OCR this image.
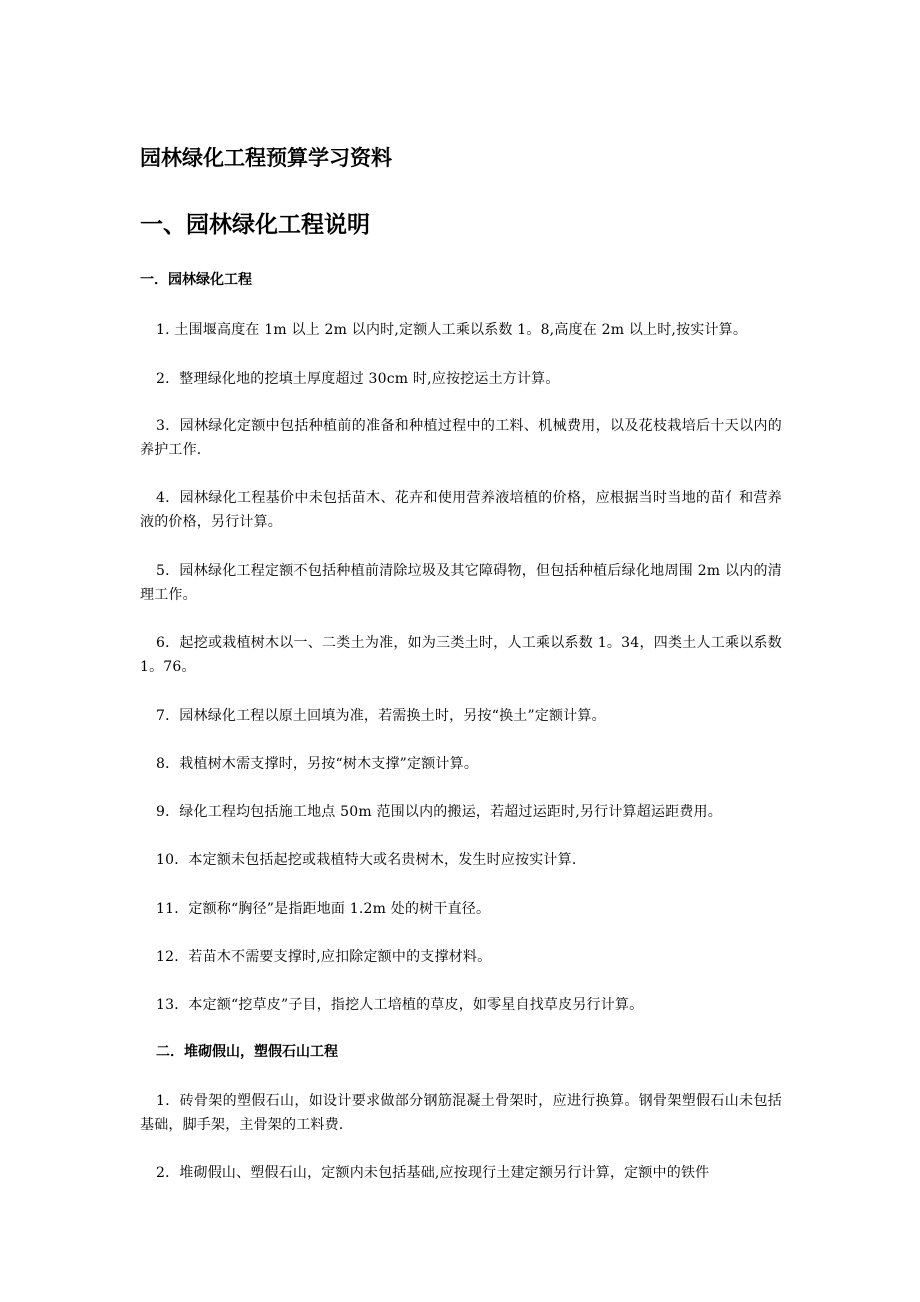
园林绿化工程预算学习资料
一、园林绿化工程说明
一．园林绿化工程

1. 土围堰高度在 1m 以上 2m 以内时,定额人工乘以系数 1。8,高度在 2m 以上时,按实计算。

2．整理绿化地的挖填土厚度超过 30cm 时,应按挖运土方计算。

3．园林绿化定额中包括种植前的准备和种植过程中的工料、机械费用，以及花枝栽培后十天以内的养护工作.

4．园林绿化工程基价中未包括苗木、花卉和使用营养液培植的价格，应根据当时当地的苗亻和营养液的价格，另行计算。

5．园林绿化工程定额不包括种植前清除垃圾及其它障碍物，但包括种植后绿化地周围 2m 以内的清理工作。

6．起挖或栽植树木以一、二类土为准，如为三类土时，人工乘以系数 1。34，四类土人工乘以系数 1。76。

7．园林绿化工程以原土回填为准，若需换土时，另按“换土”定额计算。

8．栽植树木需支撑时，另按“树木支撑”定额计算。

9．绿化工程均包括施工地点 50m 范围以内的搬运，若超过运距时,另行计算超运距费用。

10．本定额未包括起挖或栽植特大或名贵树木，发生时应按实计算.

11．定额称“胸径”是指距地面 1.2m 处的树干直径。

12．若苗木不需要支撑时,应扣除定额中的支撑材料。

13．本定额“挖草皮”子目，指挖人工培植的草皮，如零星自找草皮另行计算。

二．堆砌假山，塑假石山工程

1．砖骨架的塑假石山，如设计要求做部分钢筋混凝土骨架时，应进行换算。钢骨架塑假石山未包括基础，脚手架，主骨架的工料费.

2．堆砌假山、塑假石山，定额内未包括基础,应按现行土建定额另行计算，定额中的铁件
